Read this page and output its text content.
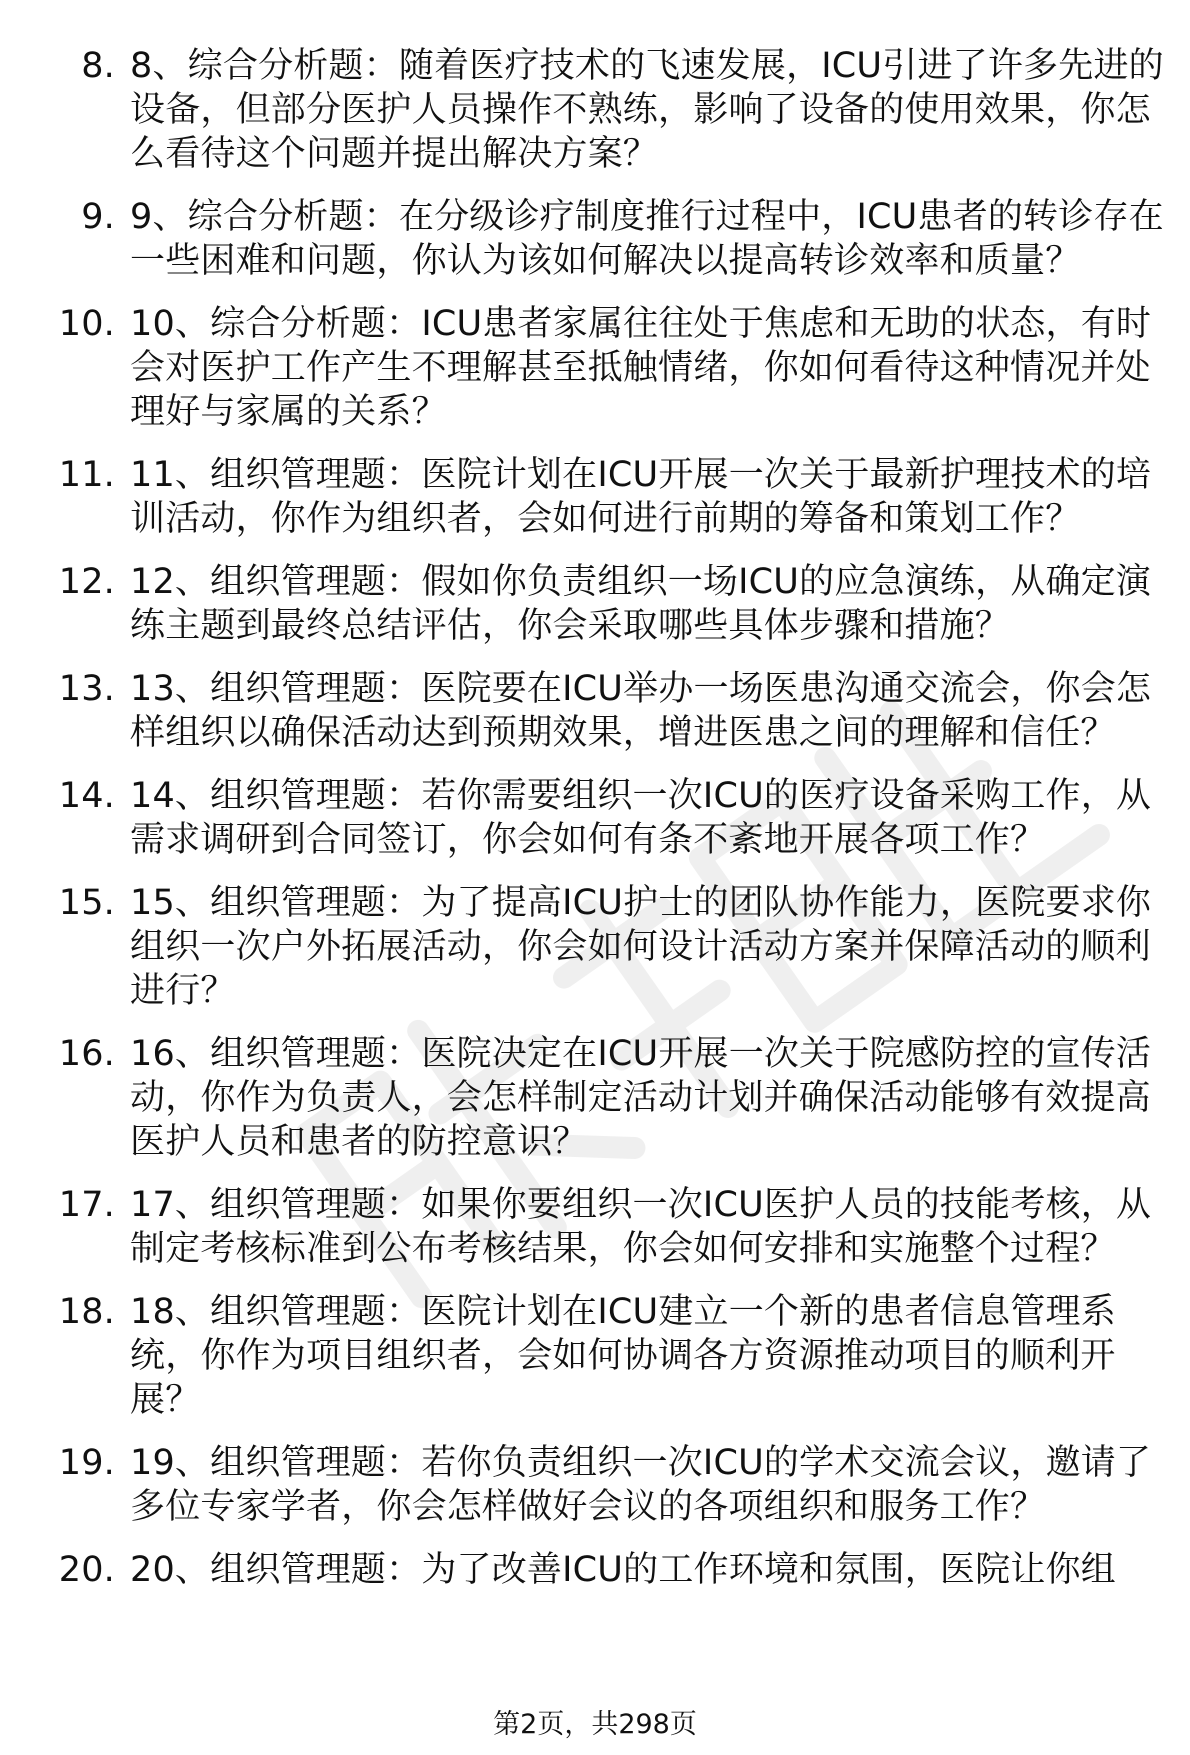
8. 8、综合分析题：随着医疗技术的飞速发展，ICU引进了许多先进的设备，但部分医护人员操作不熟练，影响了设备的使用效果，你怎么看待这个问题并提出解决方案？
9. 9、综合分析题：在分级诊疗制度推行过程中，ICU患者的转诊存在一些困难和问题，你认为该如何解决以提高转诊效率和质量？
10. 10、综合分析题：ICU患者家属往往处于焦虑和无助的状态，有时会对医护工作产生不理解甚至抵触情绪，你如何看待这种情况并处理好与家属的关系？
11. 11、组织管理题：医院计划在ICU开展一次关于最新护理技术的培训活动，你作为组织者，会如何进行前期的筹备和策划工作？
12. 12、组织管理题：假如你负责组织一场ICU的应急演练，从确定演练主题到最终总结评估，你会采取哪些具体步骤和措施？
13. 13、组织管理题：医院要在ICU举办一场医患沟通交流会，你会怎样组织以确保活动达到预期效果，增进医患之间的理解和信任？
14. 14、组织管理题：若你需要组织一次ICU的医疗设备采购工作，从需求调研到合同签订，你会如何有条不紊地开展各项工作？
15. 15、组织管理题：为了提高ICU护士的团队协作能力，医院要求你组织一次户外拓展活动，你会如何设计活动方案并保障活动的顺利进行？
16. 16、组织管理题：医院决定在ICU开展一次关于院感防控的宣传活动，你作为负责人，会怎样制定活动计划并确保活动能够有效提高医护人员和患者的防控意识？
17. 17、组织管理题：如果你要组织一次ICU医护人员的技能考核，从制定考核标准到公布考核结果，你会如何安排和实施整个过程？
18. 18、组织管理题：医院计划在ICU建立一个新的患者信息管理系统，你作为项目组织者，会如何协调各方资源推动项目的顺利开展？
19. 19、组织管理题：若你负责组织一次ICU的学术交流会议，邀请了多位专家学者，你会怎样做好会议的各项组织和服务工作？
20. 20、组织管理题：为了改善ICU的工作环境和氛围，医院让你组
第2页，共298页
